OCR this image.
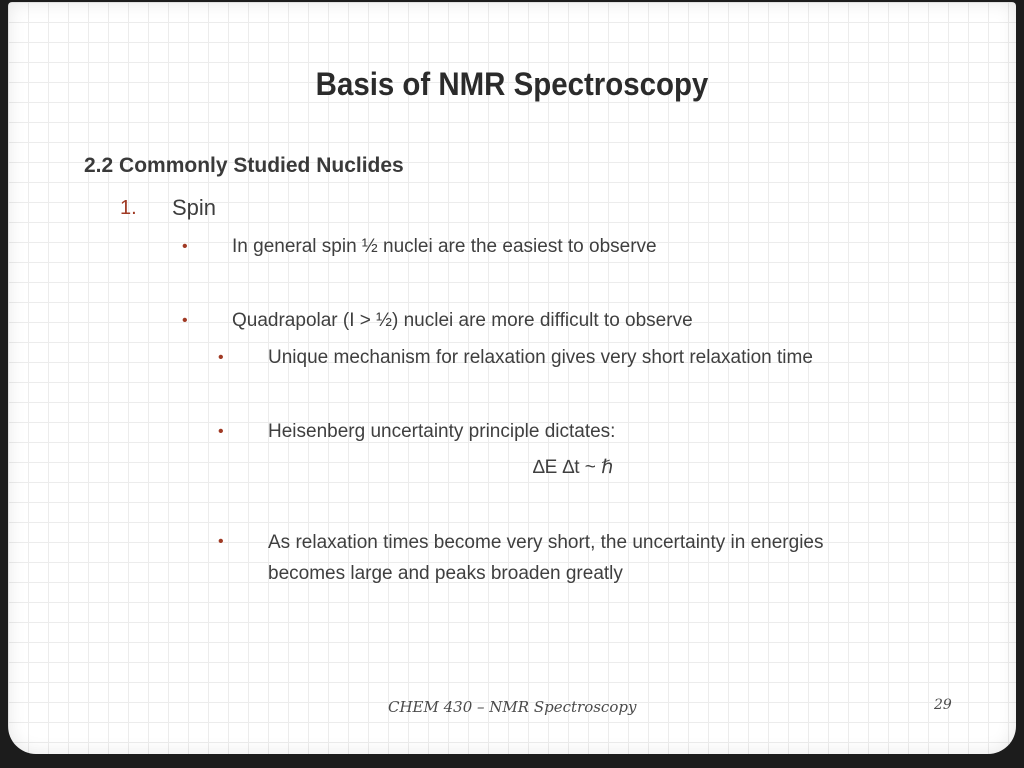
Basis of NMR Spectroscopy
2.2 Commonly Studied Nuclides
1. Spin
• In general spin ½ nuclei are the easiest to observe
• Quadrapolar (I > ½) nuclei are more difficult to observe
• Unique mechanism for relaxation gives very short relaxation time
• Heisenberg uncertainty principle dictates:
∆E ∆t ~ ℏ
• As relaxation times become very short, the uncertainty in energies becomes large and peaks broaden greatly
CHEM 430 – NMR Spectroscopy	29
